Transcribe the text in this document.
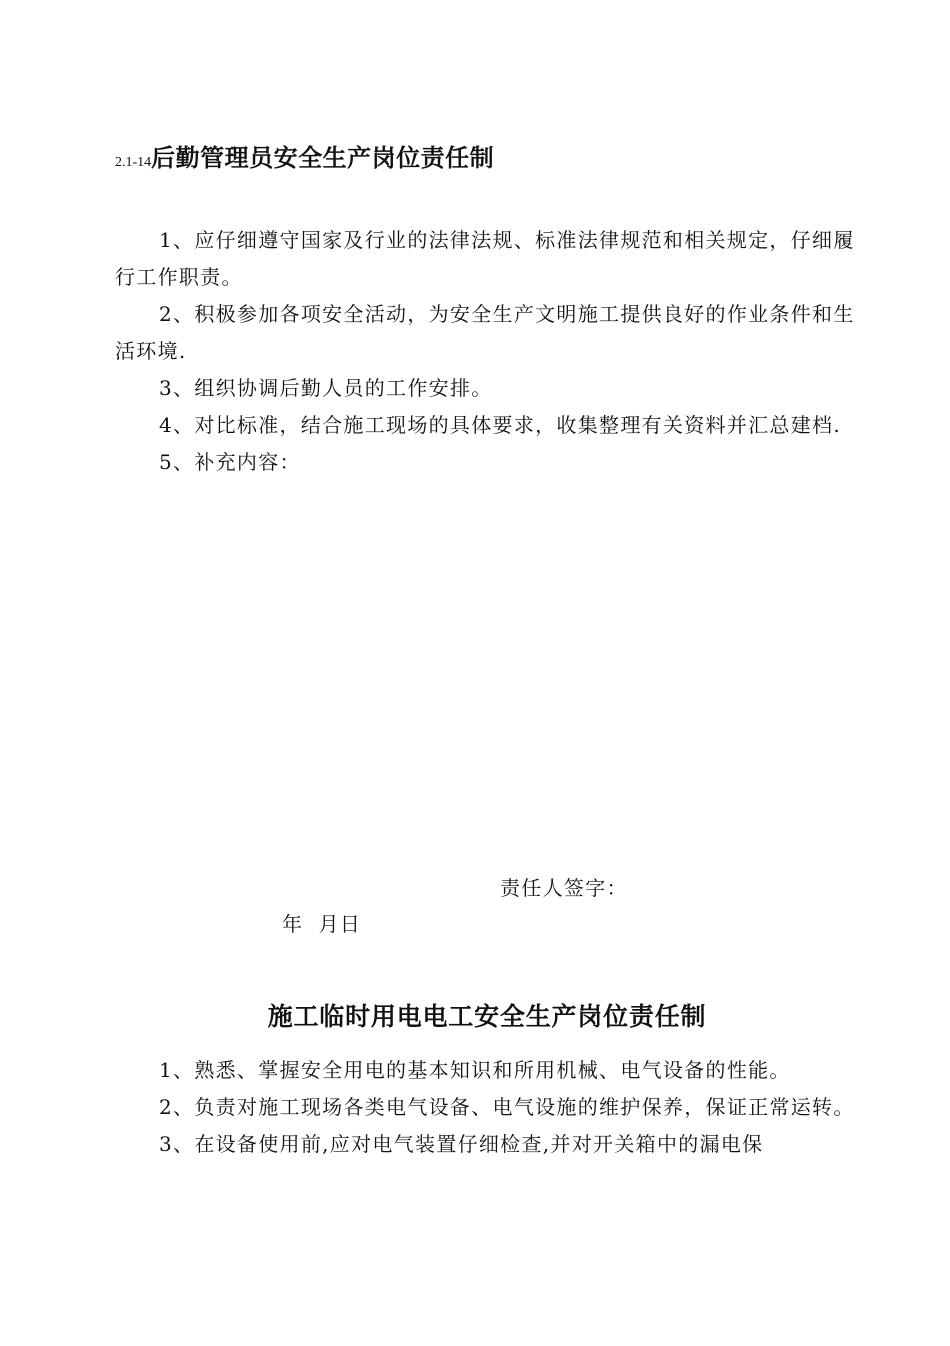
2.1-14后勤管理员安全生产岗位责任制

1、应仔细遵守国家及行业的法律法规、标准法律规范和相关规定，仔细履行工作职责。

2、积极参加各项安全活动，为安全生产文明施工提供良好的作业条件和生活环境.

3、组织协调后勤人员的工作安排。

4、对比标准，结合施工现场的具体要求，收集整理有关资料并汇总建档.

5、补充内容：

责任人签字：
年  月日
施工临时用电电工安全生产岗位责任制

1、熟悉、掌握安全用电的基本知识和所用机械、电气设备的性能。

2、负责对施工现场各类电气设备、电气设施的维护保养，保证正常运转。

3、在设备使用前,应对电气装置仔细检查,并对开关箱中的漏电保
